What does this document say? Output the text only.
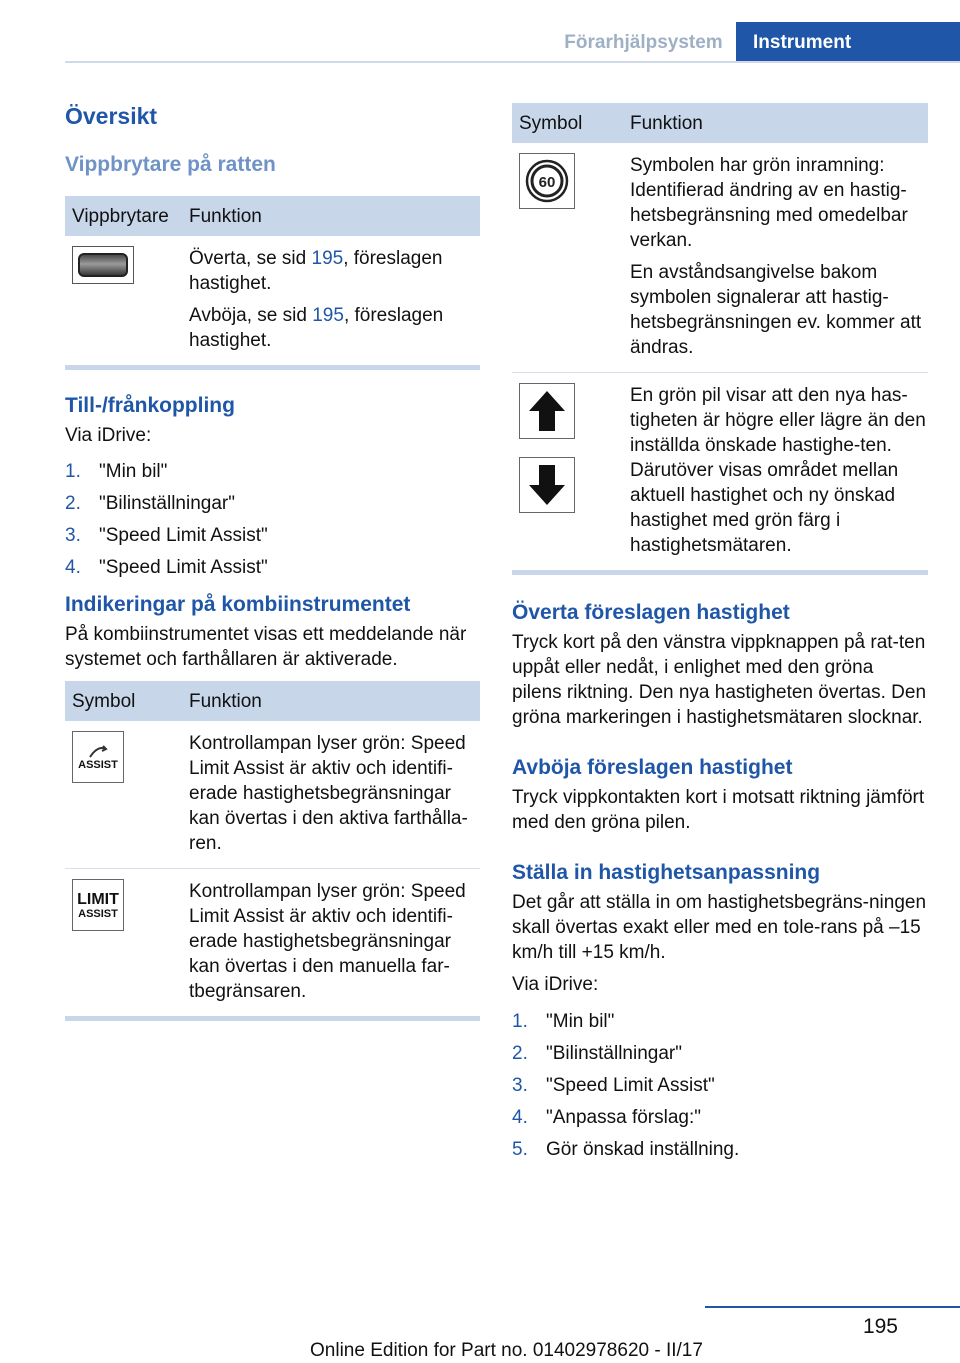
Förarhjälpsystem	Instrument
Översikt
Vippbrytare på ratten
Vippbrytare	Funktion

	Överta, se sid 195, föreslagen hastighet.

Avböja, se sid 195, föreslagen hastighet.

Till-/frånkoppling

Via iDrive:

1. "Min bil"
2. "Bilinställningar"
3. "Speed Limit Assist"
4. "Speed Limit Assist"
Indikeringar på kombiinstrumentet

På kombiinstrumentet visas ett meddelande när systemet och farthållaren är aktiverade.

Symbol	Funktion

ASSIST	Kontrollampan lyser grön: Speed Limit Assist är aktiv och identifi-erade hastighetsbegränsningar kan övertas i den aktiva farthålla-ren.

LIMIT
ASSIST	Kontrollampan lyser grön: Speed Limit Assist är aktiv och identifi-erade hastighetsbegränsningar kan övertas i den manuella far-tbegränsaren.
Symbol	Funktion

60	Symbolen har grön inramning: Identifierad ändring av en hastig-hetsbegränsning med omedelbar verkan.

En avståndsangivelse bakom symbolen signalerar att hastig-hetsbegränsningen ev. kommer att ändras.

	En grön pil visar att den nya has-tigheten är högre eller lägre än den inställda önskade hastighe-ten. Därutöver visas området mellan aktuell hastighet och ny önskad hastighet med grön färg i hastighetsmätaren.
Överta föreslagen hastighet

Tryck kort på den vänstra vippknappen på rat-ten uppåt eller nedåt, i enlighet med den gröna pilens riktning. Den nya hastigheten övertas. Den gröna markeringen i hastighetsmätaren slocknar.

Avböja föreslagen hastighet

Tryck vippkontakten kort i motsatt riktning jämfört med den gröna pilen.

Ställa in hastighetsanpassning

Det går att ställa in om hastighetsbegräns-ningen skall övertas exakt eller med en tole-rans på –15 km/h till +15 km/h.

Via iDrive:

1. "Min bil"
2. "Bilinställningar"
3. "Speed Limit Assist"
4. "Anpassa förslag:"
5. Gör önskad inställning.
195
Online Edition for Part no. 01402978620 - II/17
